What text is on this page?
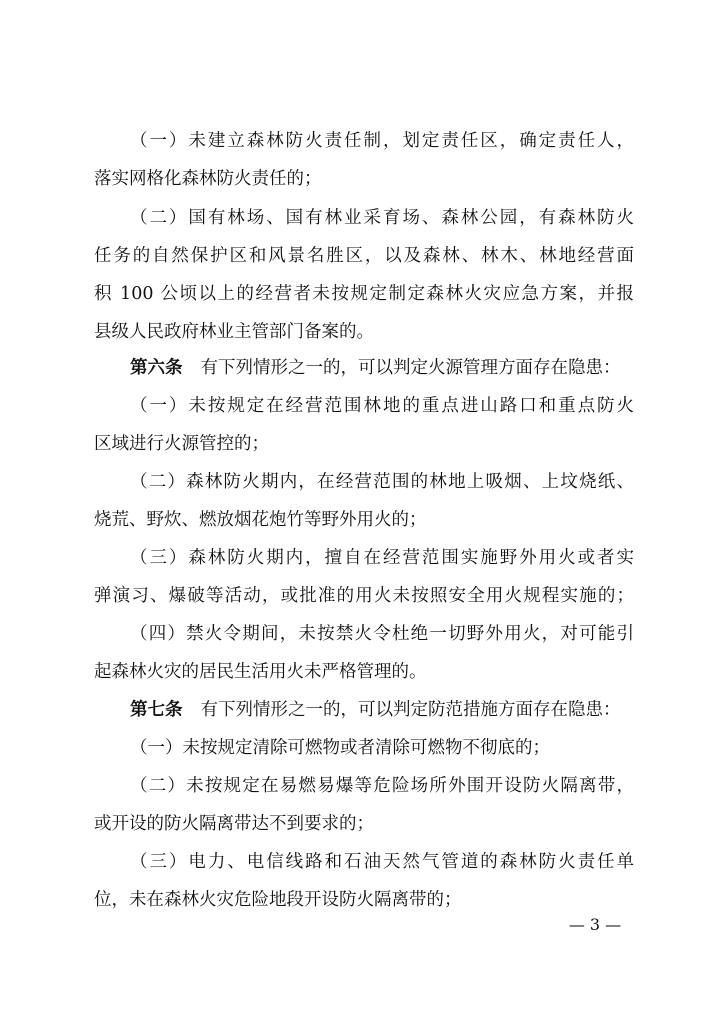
（一）未建立森林防火责任制，划定责任区，确定责任人，
落实网格化森林防火责任的；
（二）国有林场、国有林业采育场、森林公园，有森林防火
任务的自然保护区和风景名胜区，以及森林、林木、林地经营面
积 100 公顷以上的经营者未按规定制定森林火灾应急方案，并报
县级人民政府林业主管部门备案的。
第六条 有下列情形之一的，可以判定火源管理方面存在隐患：
（一）未按规定在经营范围林地的重点进山路口和重点防火
区域进行火源管控的；
（二）森林防火期内，在经营范围的林地上吸烟、上坟烧纸、
烧荒、野炊、燃放烟花炮竹等野外用火的；
（三）森林防火期内，擅自在经营范围实施野外用火或者实
弹演习、爆破等活动，或批准的用火未按照安全用火规程实施的；
（四）禁火令期间，未按禁火令杜绝一切野外用火，对可能引
起森林火灾的居民生活用火未严格管理的。
第七条 有下列情形之一的，可以判定防范措施方面存在隐患：
（一）未按规定清除可燃物或者清除可燃物不彻底的；
（二）未按规定在易燃易爆等危险场所外围开设防火隔离带，
或开设的防火隔离带达不到要求的；
（三）电力、电信线路和石油天然气管道的森林防火责任单
位，未在森林火灾危险地段开设防火隔离带的；
— 3 —
